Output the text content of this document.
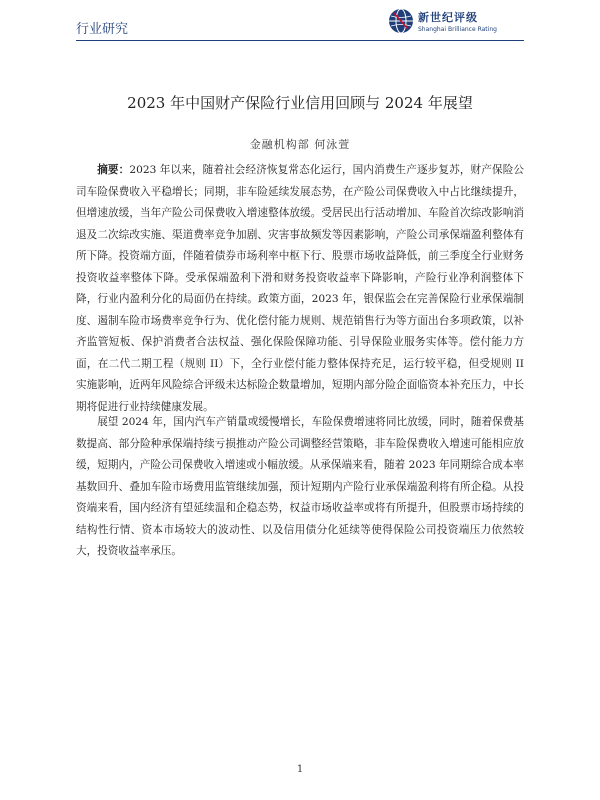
行业研究
新世纪评级
Shanghai Brilliance Rating
2023 年中国财产保险行业信用回顾与 2024 年展望
金融机构部 何泳萱

摘要：2023 年以来，随着社会经济恢复常态化运行，国内消费生产逐步复苏，财产保险公司车险保费收入平稳增长；同期，非车险延续发展态势，在产险公司保费收入中占比继续提升，但增速放缓，当年产险公司保费收入增速整体放缓。受居民出行活动增加、车险首次综改影响消退及二次综改实施、渠道费率竞争加剧、灾害事故频发等因素影响，产险公司承保端盈利整体有所下降。投资端方面，伴随着债券市场利率中枢下行、股票市场收益降低，前三季度全行业财务投资收益率整体下降。受承保端盈利下滑和财务投资收益率下降影响，产险行业净利润整体下降，行业内盈利分化的局面仍在持续。政策方面，2023 年，银保监会在完善保险行业承保端制度、遏制车险市场费率竞争行为、优化偿付能力规则、规范销售行为等方面出台多项政策，以补齐监管短板、保护消费者合法权益、强化保险保障功能、引导保险业服务实体等。偿付能力方面，在二代二期工程（规则 II）下，全行业偿付能力整体保持充足，运行较平稳，但受规则 II 实施影响，近两年风险综合评级未达标险企数量增加，短期内部分险企面临资本补充压力，中长期将促进行业持续健康发展。

展望 2024 年，国内汽车产销量或缓慢增长，车险保费增速将同比放缓，同时，随着保费基数提高、部分险种承保端持续亏损推动产险公司调整经营策略，非车险保费收入增速可能相应放缓，短期内，产险公司保费收入增速或小幅放缓。从承保端来看，随着 2023 年同期综合成本率基数回升、叠加车险市场费用监管继续加强，预计短期内产险行业承保端盈利将有所企稳。从投资端来看，国内经济有望延续温和企稳态势，权益市场收益率或将有所提升，但股票市场持续的结构性行情、资本市场较大的波动性、以及信用债分化延续等使得保险公司投资端压力依然较大，投资收益率承压。

1
